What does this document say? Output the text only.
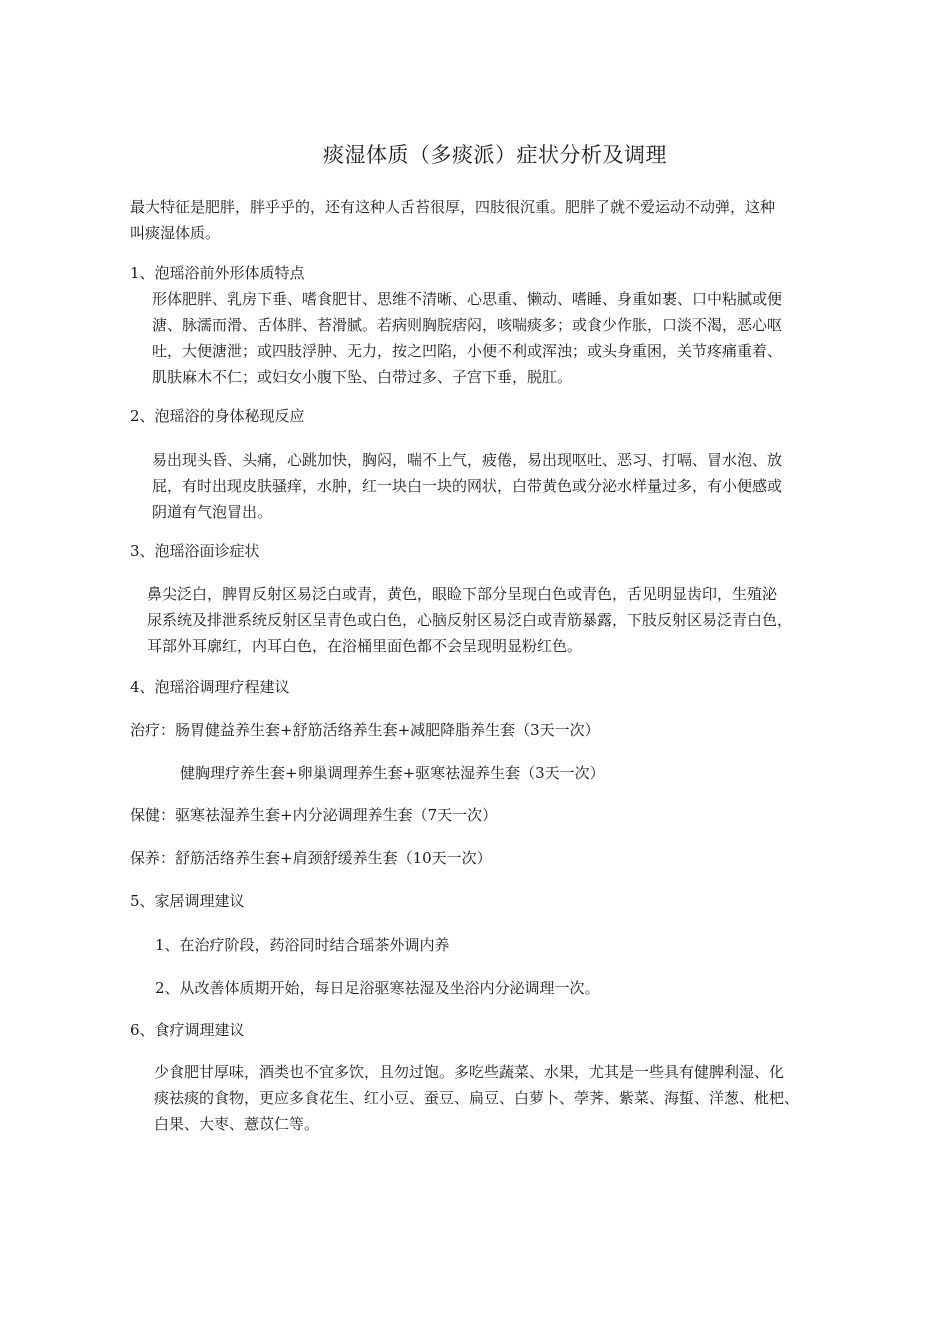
痰湿体质（多痰派）症状分析及调理
最大特征是肥胖，胖乎乎的，还有这种人舌苔很厚，四肢很沉重。肥胖了就不爱运动不动弹，这种
叫痰湿体质。
1、泡瑶浴前外形体质特点
形体肥胖、乳房下垂、嗜食肥甘、思维不清晰、心思重、懒动、嗜睡、身重如裹、口中粘腻或便
溏、脉濡而滑、舌体胖、苔滑腻。若病则胸脘痞闷，咳喘痰多；或食少作胀，口淡不渴，恶心呕
吐，大便溏泄；或四肢浮肿、无力，按之凹陷，小便不利或浑浊；或头身重困，关节疼痛重着、
肌肤麻木不仁；或妇女小腹下坠、白带过多、子宫下垂，脱肛。
2、泡瑶浴的身体秘现反应
易出现头昏、头痛，心跳加快，胸闷，喘不上气，疲倦，易出现呕吐、恶习、打嗝、冒水泡、放
屁，有时出现皮肤骚痒，水肿，红一块白一块的网状，白带黄色或分泌水样量过多，有小便感或
阴道有气泡冒出。
3、泡瑶浴面诊症状
鼻尖泛白，脾胃反射区易泛白或青，黄色，眼睑下部分呈现白色或青色，舌见明显齿印，生殖泌
尿系统及排泄系统反射区呈青色或白色，心脑反射区易泛白或青筋暴露，下肢反射区易泛青白色，
耳部外耳廓红，内耳白色，在浴桶里面色都不会呈现明显粉红色。
4、泡瑶浴调理疗程建议
治疗：肠胃健益养生套+舒筋活络养生套+减肥降脂养生套（3天一次）
健胸理疗养生套+卵巢调理养生套+驱寒祛湿养生套（3天一次）
保健：驱寒祛湿养生套+内分泌调理养生套（7天一次）
保养：舒筋活络养生套+肩颈舒缓养生套（10天一次）
5、家居调理建议
1、在治疗阶段，药浴同时结合瑶茶外调内养
2、从改善体质期开始，每日足浴驱寒祛湿及坐浴内分泌调理一次。
6、食疗调理建议
少食肥甘厚味，酒类也不宜多饮，且勿过饱。多吃些蔬菜、水果，尤其是一些具有健脾利湿、化
痰祛痰的食物，更应多食花生、红小豆、蚕豆、扁豆、白萝卜、荸荠、紫菜、海蜇、洋葱、枇杷、
白果、大枣、薏苡仁等。
